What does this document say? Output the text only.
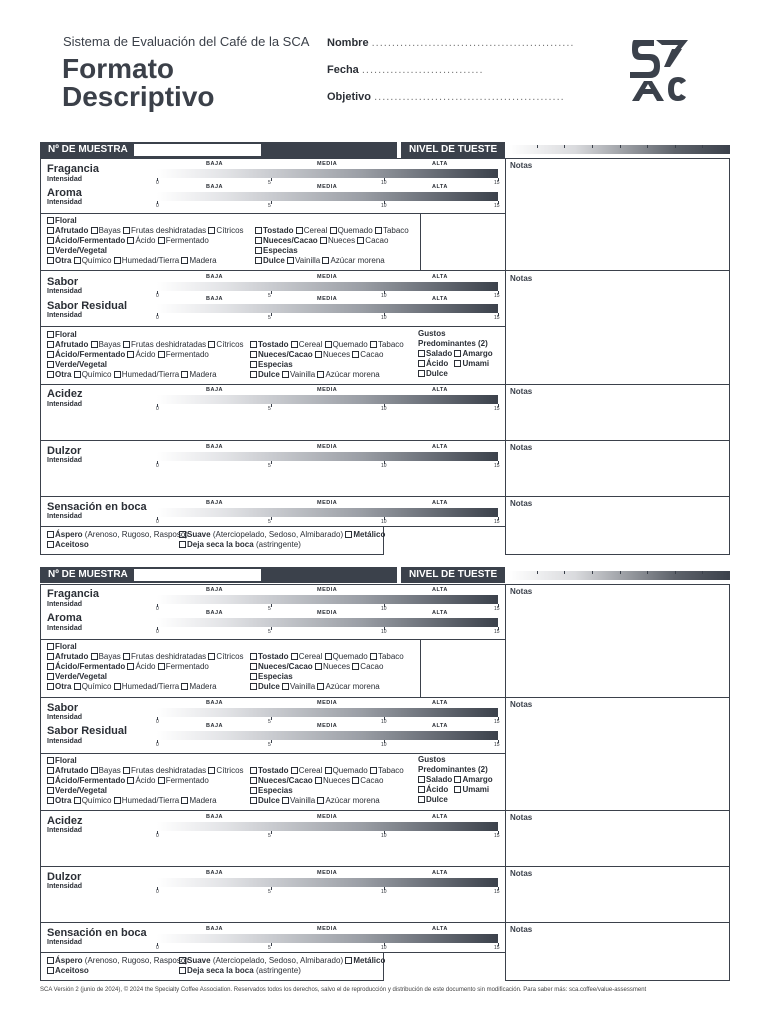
Sistema de Evaluación del Café de la SCA
Formato
Descriptivo
Nombre ..................................................
Fecha ..............................
Objetivo ...............................................
Nº DE MUESTRA	NIVEL DE TUESTE
Notas
Fragancia
Intensidad
Aroma
Intensidad
Floral
Afrutado Bayas Frutas deshidratadas Cítricos
Ácido/Fermentado Ácido Fermentado
Verde/Vegetal
Otra Químico Humedad/Tierra Madera
Tostado Cereal Quemado Tabaco
Nueces/Cacao Nueces Cacao
Especias
Dulce Vainilla Azúcar morena
Notas
Sabor
Intensidad
Sabor Residual
Intensidad
Floral
Afrutado Bayas Frutas deshidratadas Cítricos
Ácido/Fermentado Ácido Fermentado
Verde/Vegetal
Otra Químico Humedad/Tierra Madera
Tostado Cereal Quemado Tabaco
Nueces/Cacao Nueces Cacao
Especias
Dulce Vainilla Azúcar morena
Gustos
Predominantes (2)
Salado Amargo
Ácido Umami
Dulce
Notas
Acidez
Intensidad
Notas
Dulzor
Intensidad
Notas
Sensación en boca
Intensidad
Áspero (Arenoso, Rugoso, Rasposo)
Aceitoso
Suave (Aterciopelado, Sedoso, Almibarado) Metálico
Deja seca la boca (astringente)
Nº DE MUESTRA	NIVEL DE TUESTE
Notas
Fragancia
Intensidad
Aroma
Intensidad
Floral
Afrutado Bayas Frutas deshidratadas Cítricos
Ácido/Fermentado Ácido Fermentado
Verde/Vegetal
Otra Químico Humedad/Tierra Madera
Tostado Cereal Quemado Tabaco
Nueces/Cacao Nueces Cacao
Especias
Dulce Vainilla Azúcar morena
Notas
Sabor
Intensidad
Sabor Residual
Intensidad
Floral
Afrutado Bayas Frutas deshidratadas Cítricos
Ácido/Fermentado Ácido Fermentado
Verde/Vegetal
Otra Químico Humedad/Tierra Madera
Tostado Cereal Quemado Tabaco
Nueces/Cacao Nueces Cacao
Especias
Dulce Vainilla Azúcar morena
Gustos
Predominantes (2)
Salado Amargo
Ácido Umami
Dulce
Notas
Acidez
Intensidad
Notas
Dulzor
Intensidad
Notas
Sensación en boca
Intensidad
Áspero (Arenoso, Rugoso, Rasposo)
Aceitoso
Suave (Aterciopelado, Sedoso, Almibarado) Metálico
Deja seca la boca (astringente)
SCA Versión 2 (junio de 2024), © 2024 the Specialty Coffee Association. Reservados todos los derechos, salvo el de reproducción y distribución de este documento sin modificación. Para saber más: sca.coffee/value-assessment
BAJA	MEDIA	ALTA
0	5	10	15
BAJA	MEDIA	ALTA
0	5	10	15
BAJA	MEDIA	ALTA
0	5	10	15
BAJA	MEDIA	ALTA
0	5	10	15
BAJA	MEDIA	ALTA
0	5	10	15
BAJA	MEDIA	ALTA
0	5	10	15
BAJA	MEDIA	ALTA
0	5	10	15
BAJA	MEDIA	ALTA
0	5	10	15
BAJA	MEDIA	ALTA
0	5	10	15
BAJA	MEDIA	ALTA
0	5	10	15
BAJA	MEDIA	ALTA
0	5	10	15
BAJA	MEDIA	ALTA
0	5	10	15
BAJA	MEDIA	ALTA
0	5	10	15
BAJA	MEDIA	ALTA
0	5	10	15
